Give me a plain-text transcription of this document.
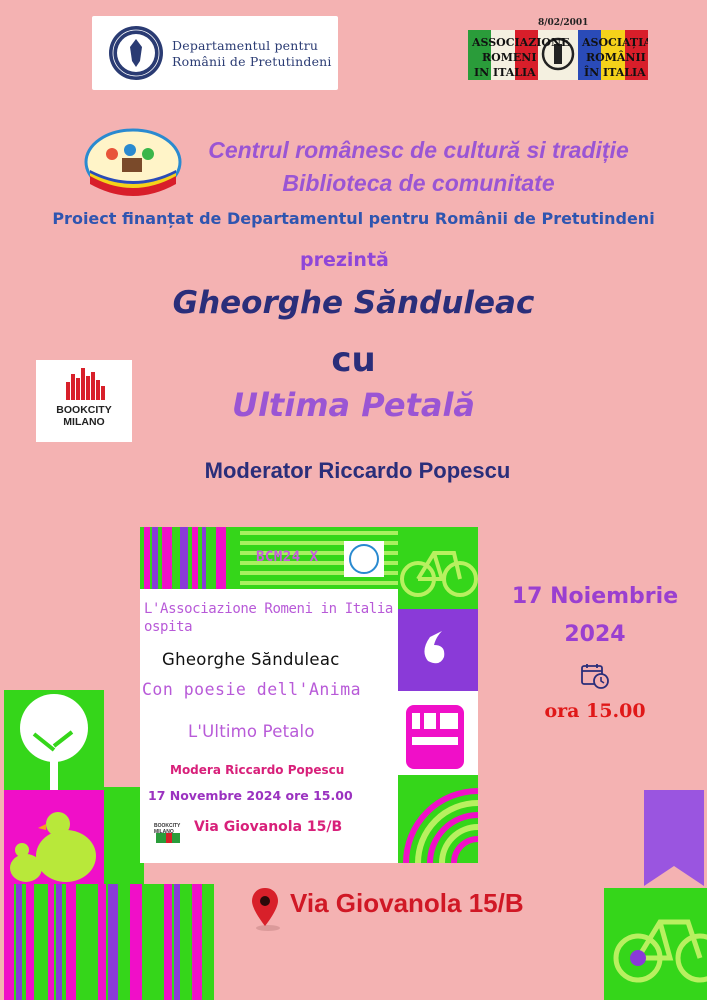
Departamentul pentru
Românii de Pretutindeni
8/02/2001
ASSOCIAZIONE
ROMENI
IN ITALIA
ASOCIAȚIA
ROMÂNII
ÎN ITALIA
Centrul românesc de cultură si tradiție
Biblioteca de comunitate
Proiect finanțat de Departamentul pentru Românii de Pretutindeni
prezintă
Gheorghe Sănduleac
cu
Ultima Petală
Moderator Riccardo Popescu
BOOKCITY
MILANO
BCM24 X
L'Associazione Romeni in Italia
ospita
Gheorghe Sănduleac
Con poesie dell'Anima
L'Ultimo Petalo
Modera Riccardo Popescu
17 Novembre 2024 ore 15.00
Via Giovanola 15/B
BOOKCITY MILANO
17 Noiembrie
2024
ora 15.00
Via Giovanola 15/B
